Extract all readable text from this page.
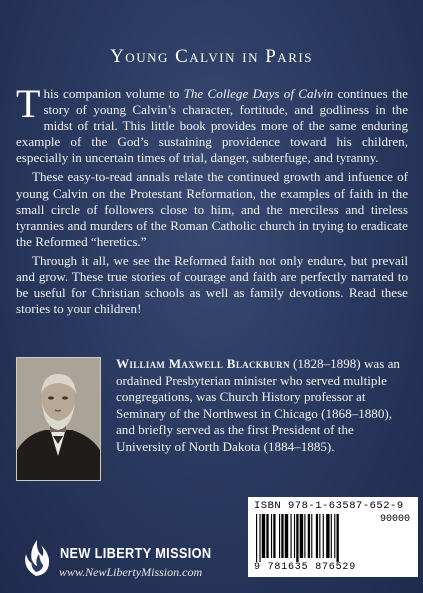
Young Calvin in Paris

This companion volume to The College Days of Calvin continues the story of young Calvin’s character, fortitude, and godliness in the midst of trial. This little book provides more of the same enduring example of the God’s sustaining providence toward his children, especially in uncertain times of trial, danger, subterfuge, and tyranny.

These easy-to-read annals relate the continued growth and infuence of young Calvin on the Protestant Reformation, the examples of faith in the small circle of followers close to him, and the merciless and tireless tyrannies and murders of the Roman Catholic church in trying to eradicate the Reformed “heretics.”

Through it all, we see the Reformed faith not only endure, but prevail and grow. These true stories of courage and faith are perfectly narrated to be useful for Christian schools as well as family devotions. Read these stories to your children!

William Maxwell Blackburn (1828–1898) was an ordained Presbyterian minister who served multiple congregations, was Church History professor at Seminary of the Northwest in Chicago (1868–1880), and briefly served as the first President of the University of North Dakota (1884–1885).
ISBN 978-1-63587-652-9
90000
9 781635 876529
NEW LIBERTY MISSION
www.NewLibertyMission.com
